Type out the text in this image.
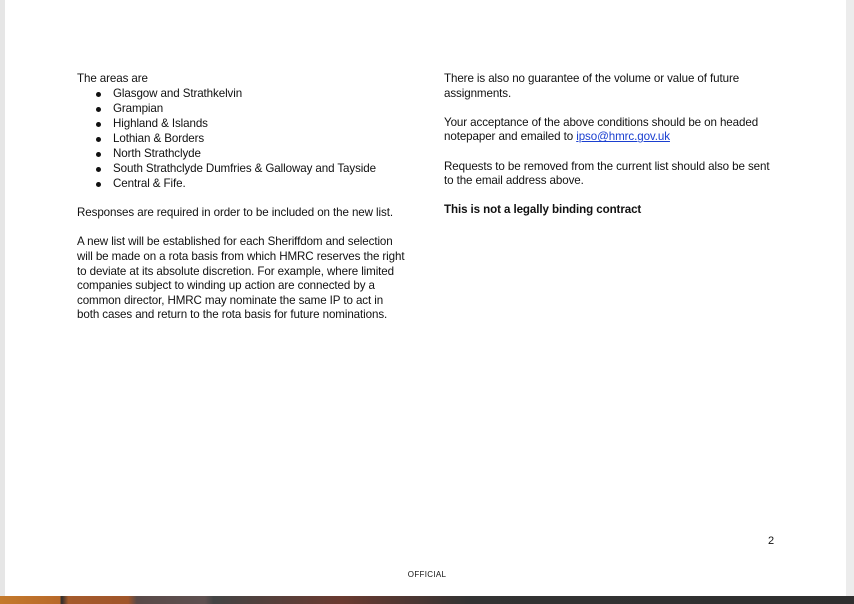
The areas are

Glasgow and Strathkelvin
Grampian
Highland & Islands
Lothian & Borders
North Strathclyde
South Strathclyde Dumfries & Galloway and Tayside
Central & Fife.

Responses are required in order to be included on the new list.

A new list will be established for each Sheriffdom and selection will be made on a rota basis from which HMRC reserves the right to deviate at its absolute discretion. For example, where limited companies subject to winding up action are connected by a common director, HMRC may nominate the same IP to act in both cases and return to the rota basis for future nominations.

There is also no guarantee of the volume or value of future assignments.

Your acceptance of the above conditions should be on headed notepaper and emailed to ipso@hmrc.gov.uk

Requests to be removed from the current list should also be sent to the email address above.

This is not a legally binding contract

2
OFFICIAL
